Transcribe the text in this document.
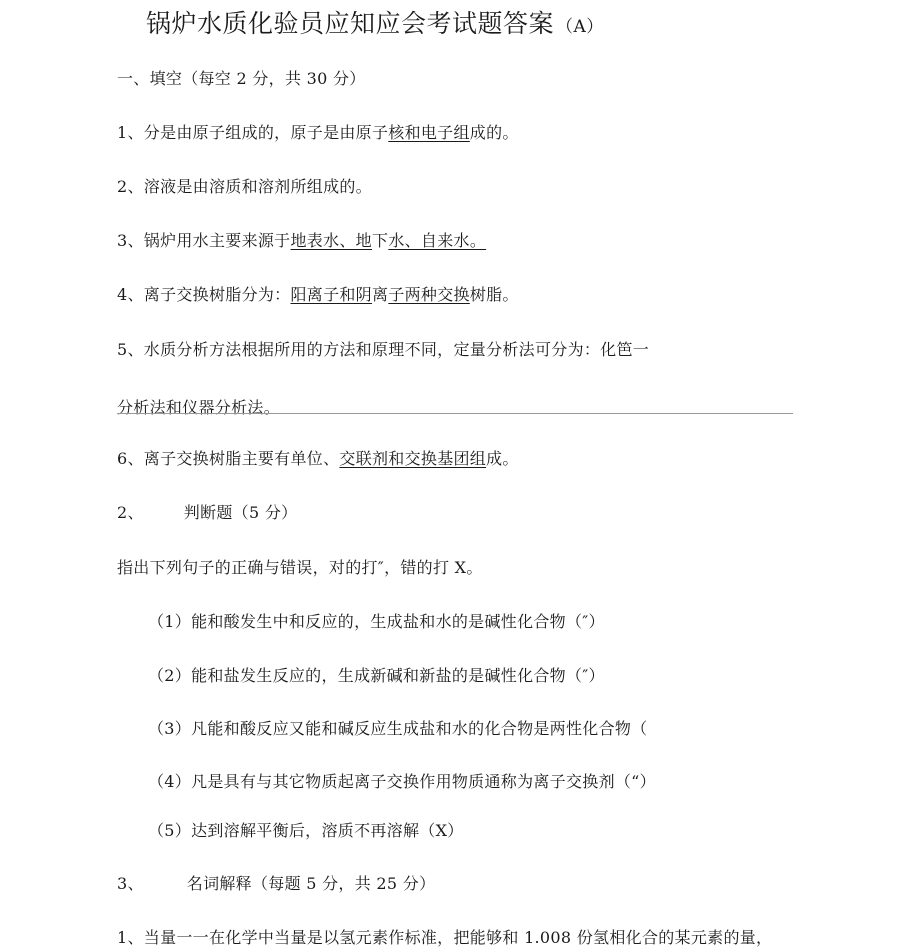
锅炉水质化验员应知应会考试题答案 （A）
一、填空（每空 2 分，共 30 分）
1、分是由原子组成的，原子是由原子核和电子组成的。
2、溶液是由溶质和溶剂所组成的。
3、锅炉用水主要来源于地表水、地下水、自来水。
4、离子交换树脂分为：阳离子和阴离子两种交换树脂。
5、水质分析方法根据所用的方法和原理不同，定量分析法可分为：化笆一
分析法和仪器分析法。
6、离子交换树脂主要有单位、交联剂和交换基团组成。
2、	判断题（5 分）
指出下列句子的正确与错误，对的打″，错的打 X。
（1）能和酸发生中和反应的，生成盐和水的是碱性化合物（″）
（2）能和盐发生反应的，生成新碱和新盐的是碱性化合物（″）
（3）凡能和酸反应又能和碱反应生成盐和水的化合物是两性化合物（
（4）凡是具有与其它物质起离子交换作用物质通称为离子交换剂（“）
（5）达到溶解平衡后，溶质不再溶解（X）
3、	名词解释（每题 5 分，共 25 分）
1、当量一一在化学中当量是以氢元素作标准，把能够和 1.008 份氢相化合的某元素的量，
